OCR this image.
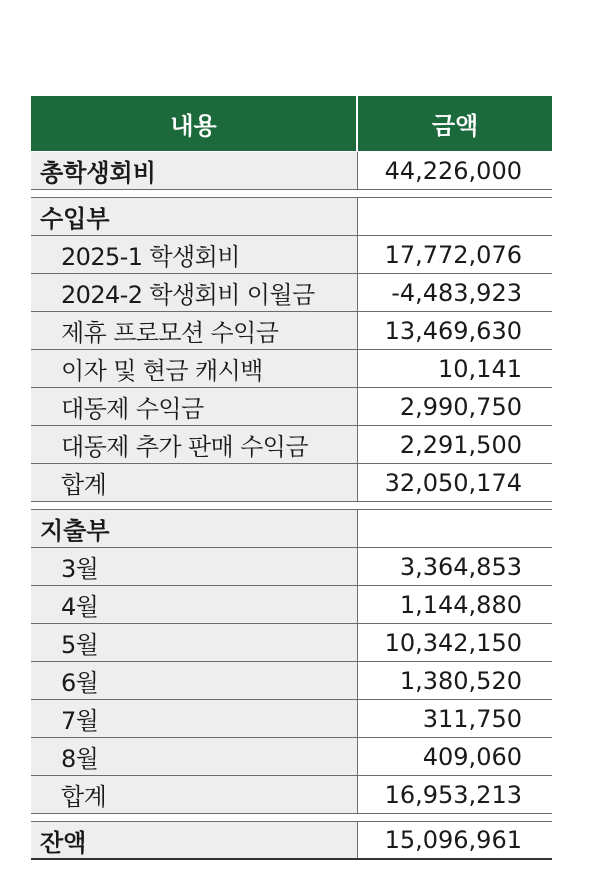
내용	금액
총학생회비	44,226,000
수입부
2025-1 학생회비	17,772,076
2024-2 학생회비 이월금	-4,483,923
제휴 프로모션 수익금	13,469,630
이자 및 현금 캐시백	10,141
대동제 수익금	2,990,750
대동제 추가 판매 수익금	2,291,500
합계	32,050,174
지출부
3월	3,364,853
4월	1,144,880
5월	10,342,150
6월	1,380,520
7월	311,750
8월	409,060
합계	16,953,213
잔액	15,096,961
